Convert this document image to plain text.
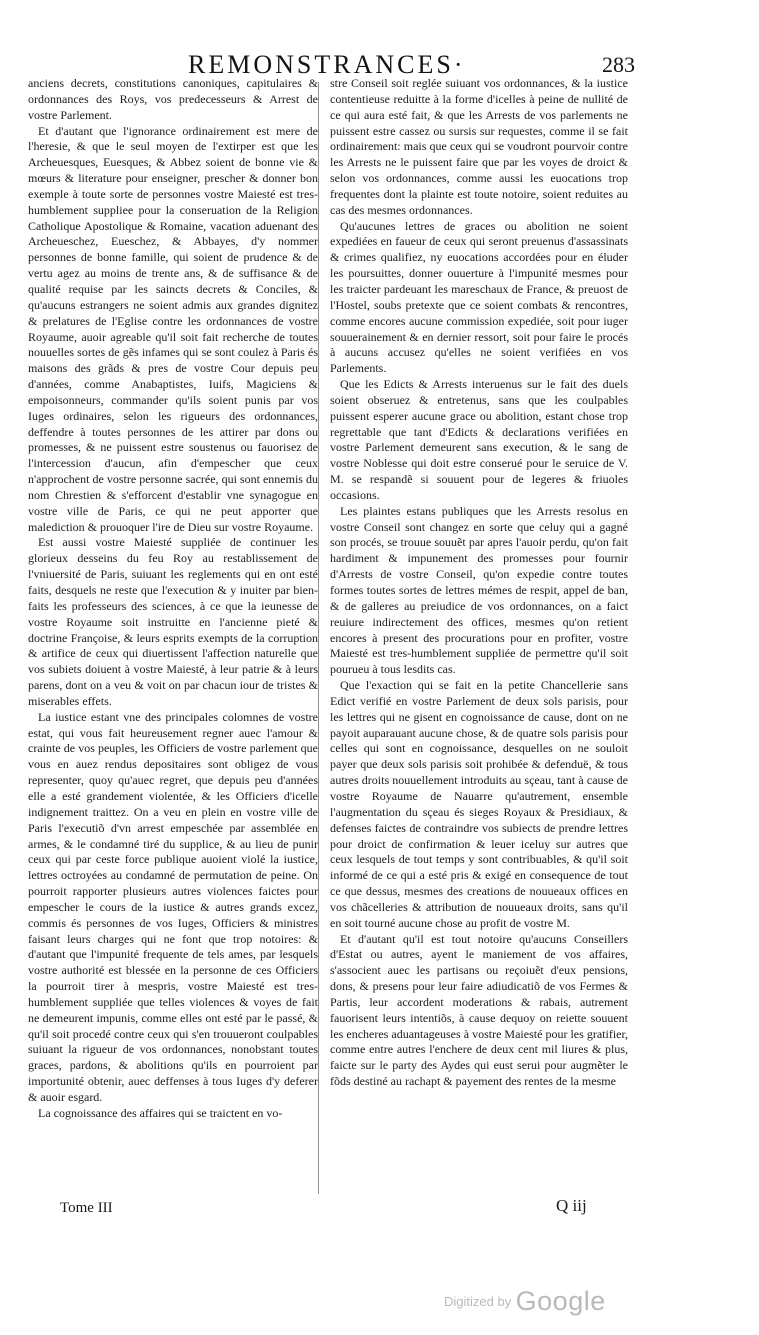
REMONSTRANCES·	283

anciens decrets, constitutions canoniques, capitulaires & ordonnances des Roys, vos predecesseurs & Arrest de vostre Parlement.

Et d'autant que l'ignorance ordinairement est mere de l'heresie, & que le seul moyen de l'extirper est que les Archeuesques, Euesques, & Abbez soient de bonne vie & mœurs & literature pour enseigner, prescher & donner bon exemple à toute sorte de personnes vostre Maiesté est tres-humblement suppliee pour la conseruation de la Religion Catholique Apostolique & Romaine, vacation aduenant des Archeueschez, Eueschez, & Abbayes, d'y nommer personnes de bonne famille, qui soient de prudence & de vertu agez au moins de trente ans, & de suffisance & de qualité requise par les saincts decrets & Conciles, & qu'aucuns estrangers ne soient admis aux grandes dignitez & prelatures de l'Eglise contre les ordonnances de vostre Royaume, auoir agreable qu'il soit fait recherche de toutes nouuelles sortes de gẽs infames qui se sont coulez à Paris és maisons des grãds & pres de vostre Cour depuis peu d'années, comme Anabaptistes, Iuifs, Magiciens & empoisonneurs, commander qu'ils soient punis par vos Iuges ordinaires, selon les rigueurs des ordonnances, deffendre à toutes personnes de les attirer par dons ou promesses, & ne puissent estre soustenus ou fauorisez de l'intercession d'aucun, afin d'empescher que ceux n'approchent de vostre personne sacrée, qui sont ennemis du nom Chrestien & s'efforcent d'establir vne synagogue en vostre ville de Paris, ce qui ne peut apporter que malediction & prouoquer l'ire de Dieu sur vostre Royaume.

Est aussi vostre Maiesté suppliée de continuer les glorieux desseins du feu Roy au restablissement de l'vniuersité de Paris, suiuant les reglements qui en ont esté faits, desquels ne reste que l'execution & y inuiter par bien-faits les professeurs des sciences, à ce que la ieunesse de vostre Royaume soit instruitte en l'ancienne pieté & doctrine Françoise, & leurs esprits exempts de la corruption & artifice de ceux qui diuertissent l'affection naturelle que vos subiets doiuent à vostre Maiesté, à leur patrie & à leurs parens, dont on a veu & voit on par chacun iour de tristes & miserables effets.

La iustice estant vne des principales colomnes de vostre estat, qui vous fait heureusement regner auec l'amour & crainte de vos peuples, les Officiers de vostre parlement que vous en auez rendus depositaires sont obligez de vous representer, quoy qu'auec regret, que depuis peu d'années elle a esté grandement violentée, & les Officiers d'icelle indignement traittez. On a veu en plein en vostre ville de Paris l'executiõ d'vn arrest empeschée par assemblée en armes, & le condamné tiré du supplice, & au lieu de punir ceux qui par ceste force publique auoient violé la iustice, lettres octroyées au condamné de permutation de peine. On pourroit rapporter plusieurs autres violences faictes pour empescher le cours de la iustice & autres grands excez, commis és personnes de vos Iuges, Officiers & ministres faisant leurs charges qui ne font que trop notoires: & d'autant que l'impunité frequente de tels ames, par lesquels vostre authorité est blessée en la personne de ces Officiers la pourroit tirer à mespris, vostre Maiesté est tres-humblement suppliée que telles violences & voyes de fait ne demeurent impunis, comme elles ont esté par le passé, & qu'il soit procedé contre ceux qui s'en trouueront coulpables suiuant la rigueur de vos ordonnances, nonobstant toutes graces, pardons, & abolitions qu'ils en pourroient par importunité obtenir, auec deffenses à tous Iuges d'y deferer & auoir esgard.

La cognoissance des affaires qui se traictent en vo-

stre Conseil soit reglée suiuant vos ordonnances, & la iustice contentieuse reduitte à la forme d'icelles à peine de nullité de ce qui aura esté fait, & que les Arrests de vos parlements ne puissent estre cassez ou sursis sur requestes, comme il se fait ordinairement: mais que ceux qui se voudront pourvoir contre les Arrests ne le puissent faire que par les voyes de droict & selon vos ordonnances, comme aussi les euocations trop frequentes dont la plainte est toute notoire, soient reduites au cas des mesmes ordonnances.

Qu'aucunes lettres de graces ou abolition ne soient expediées en faueur de ceux qui seront preuenus d'assassinats & crimes qualifiez, ny euocations accordées pour en éluder les poursuittes, donner ouuerture à l'impunité mesmes pour les traicter pardeuant les mareschaux de France, & preuost de l'Hostel, soubs pretexte que ce soient combats & rencontres, comme encores aucune commission expediée, soit pour iuger souuerainement & en dernier ressort, soit pour faire le procés à aucuns accusez qu'elles ne soient verifiées en vos Parlements.

Que les Edicts & Arrests interuenus sur le fait des duels soient obseruez & entretenus, sans que les coulpables puissent esperer aucune grace ou abolition, estant chose trop regrettable que tant d'Edicts & declarations verifiées en vostre Parlement demeurent sans execution, & le sang de vostre Noblesse qui doit estre conserué pour le seruice de V. M. se respandẽ si souuent pour de legeres & friuoles occasions.

Les plaintes estans publiques que les Arrests resolus en vostre Conseil sont changez en sorte que celuy qui a gagné son procés, se trouue souuẽt par apres l'auoir perdu, qu'on fait hardiment & impunement des promesses pour fournir d'Arrests de vostre Conseil, qu'on expedie contre toutes formes toutes sortes de lettres mémes de respit, appel de ban, & de galleres au preiudice de vos ordonnances, on a faict reuiure indirectement des offices, mesmes qu'on retient encores à present des procurations pour en profiter, vostre Maiesté est tres-humblement suppliée de permettre qu'il soit pourueu à tous lesdits cas.

Que l'exaction qui se fait en la petite Chancellerie sans Edict verifié en vostre Parlement de deux sols parisis, pour les lettres qui ne gisent en cognoissance de cause, dont on ne payoit auparauant aucune chose, & de quatre sols parisis pour celles qui sont en cognoissance, desquelles on ne souloit payer que deux sols parisis soit prohibée & defenduë, & tous autres droits nouuellement introduits au sçeau, tant à cause de vostre Royaume de Nauarre qu'autrement, ensemble l'augmentation du sçeau és sieges Royaux & Presidiaux, & defenses faictes de contraindre vos subiects de prendre lettres pour droict de confirmation & leuer iceluy sur autres que ceux lesquels de tout temps y sont contribuables, & qu'il soit informé de ce qui a esté pris & exigé en consequence de tout ce que dessus, mesmes des creations de nouueaux offices en vos chãcelleries & attribution de nouueaux droits, sans qu'il en soit tourné aucune chose au profit de vostre M.

Et d'autant qu'il est tout notoire qu'aucuns Conseillers d'Estat ou autres, ayent le maniement de vos affaires, s'associent auec les partisans ou reçoiuẽt d'eux pensions, dons, & presens pour leur faire adiudicatiõ de vos Fermes & Partis, leur accordent moderations & rabais, autrement fauorisent leurs intentiõs, à cause dequoy on reiette souuent les encheres aduantageuses à vostre Maiesté pour les gratifier, comme entre autres l'enchere de deux cent mil liures & plus, faicte sur le party des Aydes qui eust serui pour augmẽter le fõds destiné au rachapt & payement des rentes de la mesme

Tome III	Q iij
Digitized by Google
